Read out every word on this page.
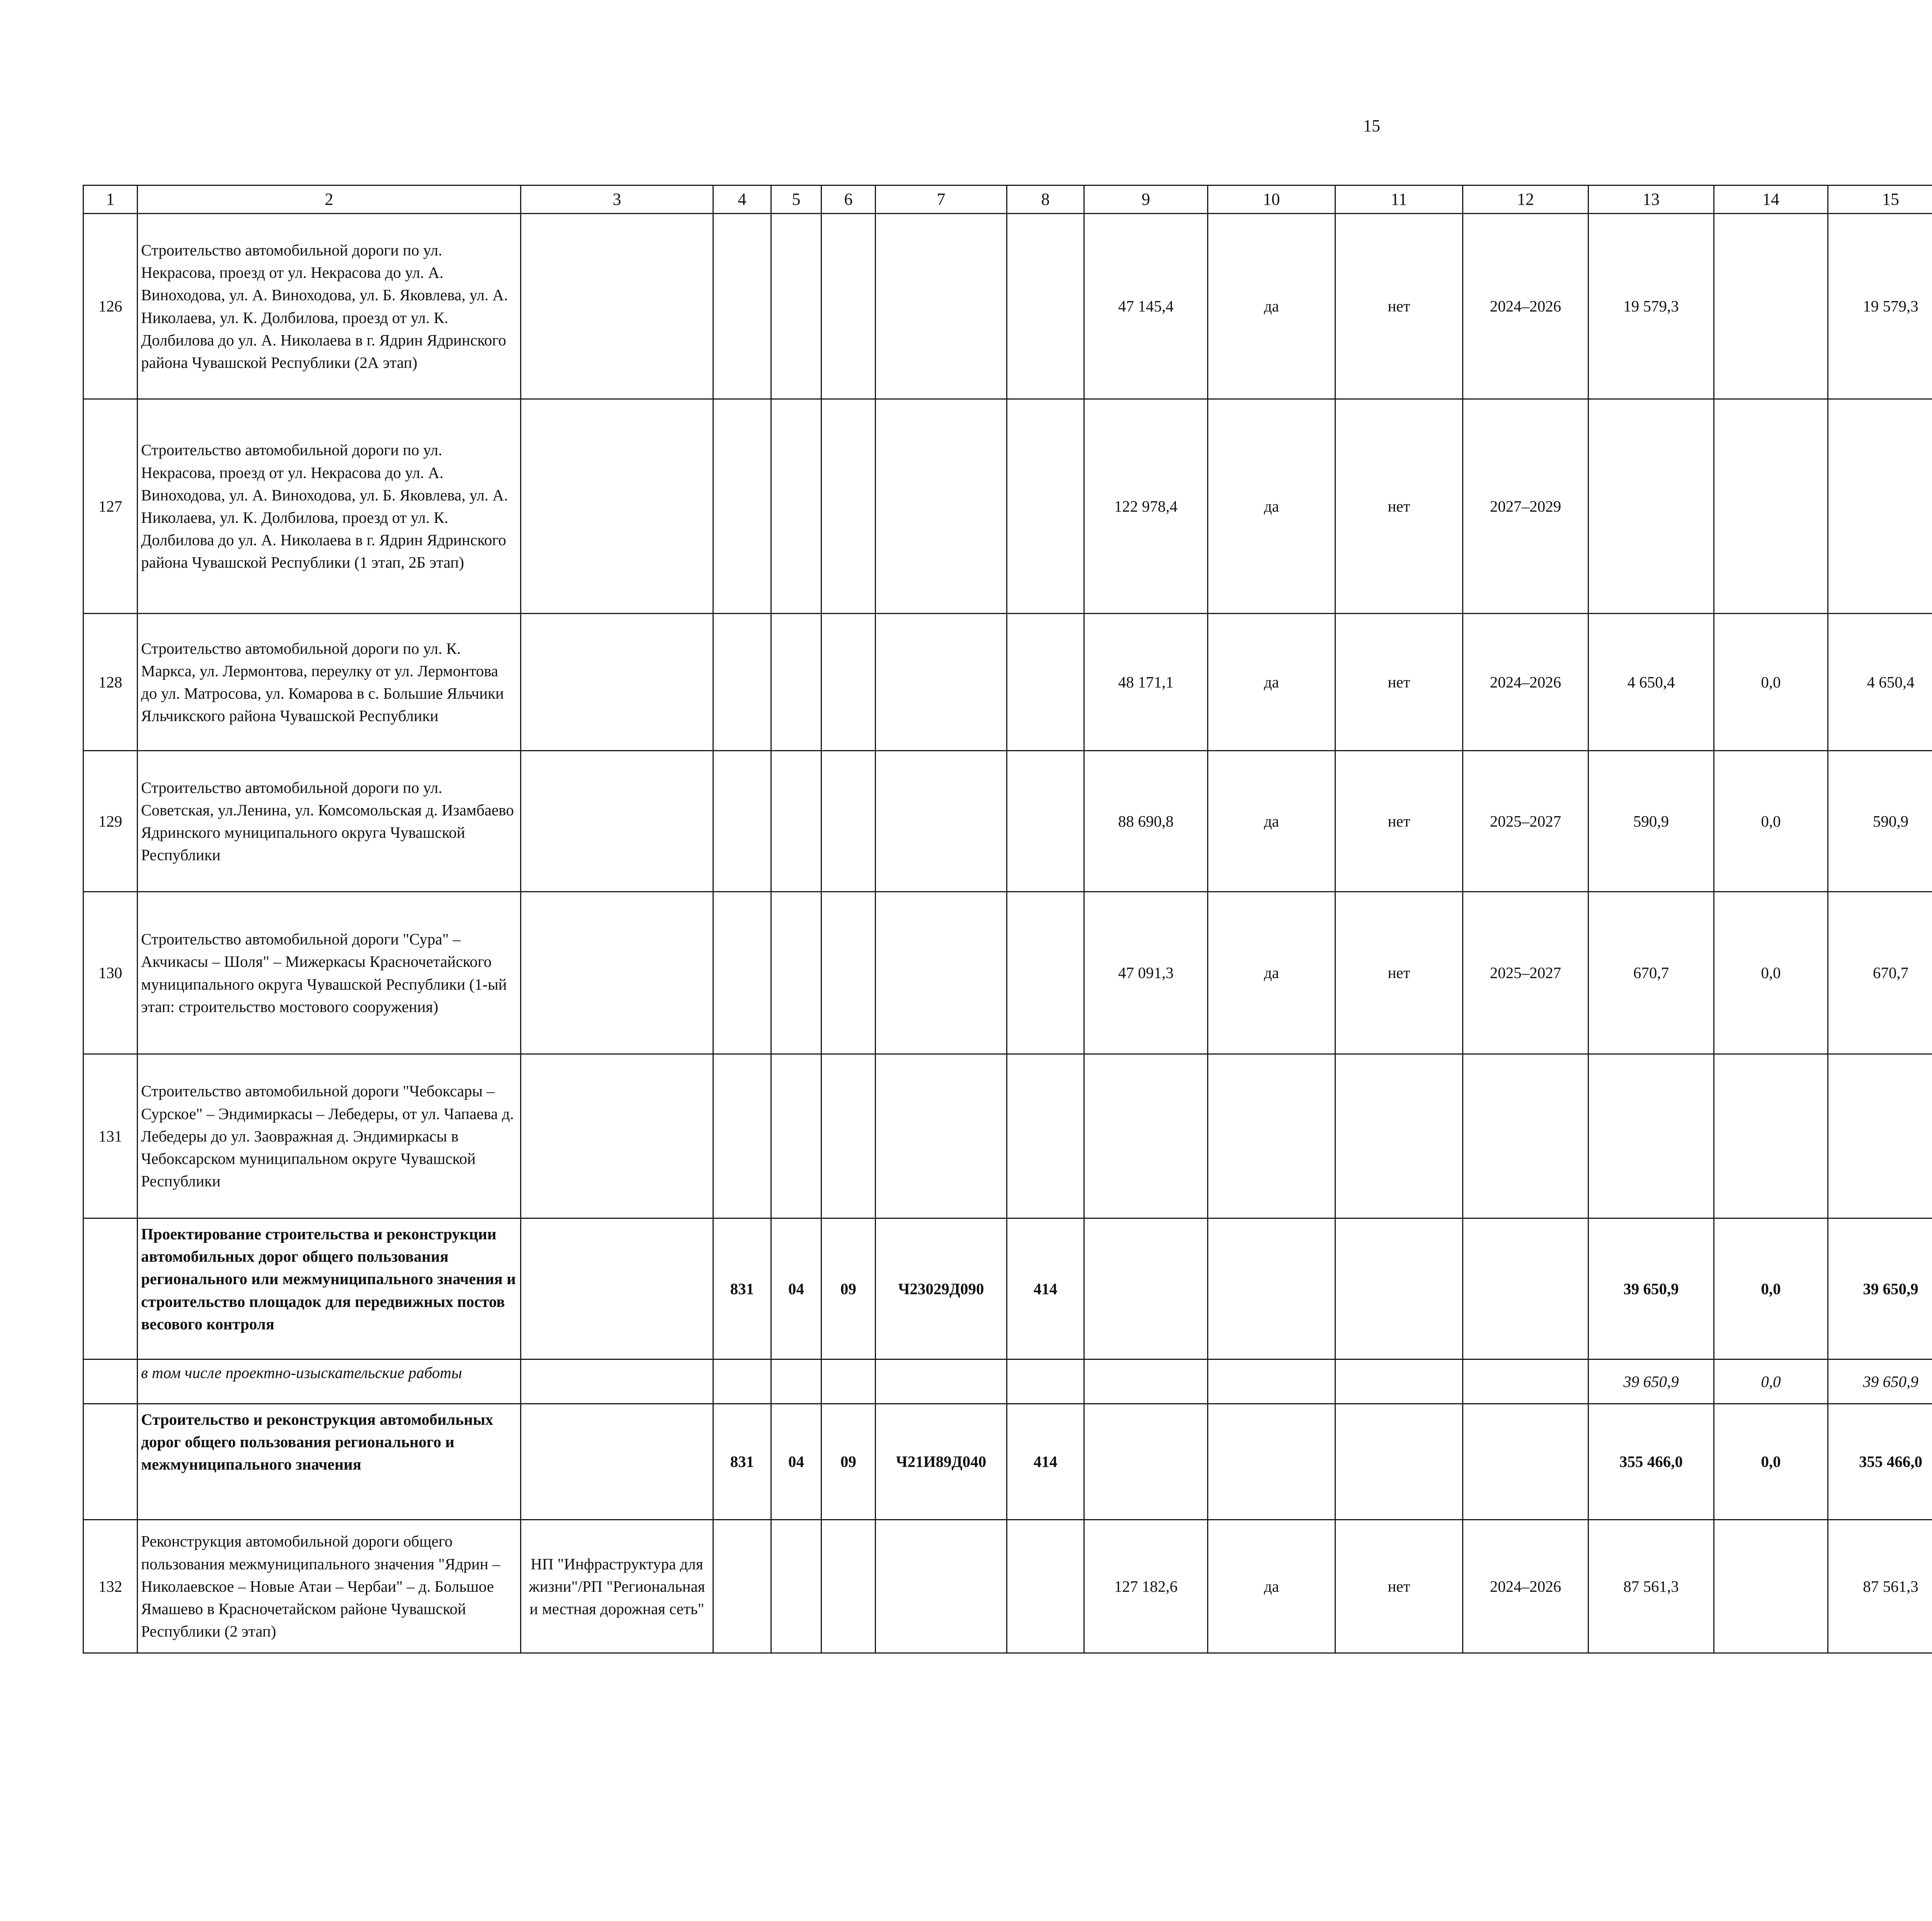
15
1	2	3	4	5	6	7	8	9	10	11	12	13	14	15						
126	Строительство автомобильной дороги по ул. Некрасова, проезд от ул. Некрасова до ул. А. Виноходова, ул. А. Виноходова, ул. Б. Яковлева, ул. А. Николаева, ул. К. Долбилова, проезд от ул. К. Долбилова до ул. А. Николаева в г. Ядрин Ядринского района Чувашской Республики (2А этап)							47 145,4	да	нет	2024–2026	19 579,3		19 579,3						
127	Строительство автомобильной дороги по ул. Некрасова, проезд от ул. Некрасова до ул. А. Виноходова, ул. А. Виноходова, ул. Б. Яковлева, ул. А. Николаева, ул. К. Долбилова, проезд от ул. К. Долбилова до ул. А. Николаева в г. Ядрин Ядринского района Чувашской Республики (1 этап, 2Б этап)							122 978,4	да	нет	2027–2029									
128	Строительство автомобильной дороги по ул. К. Маркса, ул. Лермонтова, переулку от ул. Лермонтова до ул. Матросова, ул. Комарова в с. Большие Яльчики Яльчикского района Чувашской Республики							48 171,1	да	нет	2024–2026	4 650,4	0,0	4 650,4						
129	Строительство автомобильной дороги по ул. Советская, ул.Ленина, ул. Комсомольская д. Изамбаево Ядринского муниципального округа Чувашской Республики							88 690,8	да	нет	2025–2027	590,9	0,0	590,9						
130	Строительство автомобильной дороги "Сура" – Акчикасы – Шоля" – Мижеркасы Красночетайского муниципального округа Чувашской Республики (1-ый этап: строительство мостового сооружения)							47 091,3	да	нет	2025–2027	670,7	0,0	670,7						
131	Строительство автомобильной дороги "Чебоксары – Сурское" – Эндимиркасы – Лебедеры, от ул. Чапаева д. Лебедеры до ул. Заовражная д. Эндимиркасы в Чебоксарском муниципальном округе Чувашской Республики																			
	Проектирование строительства и реконструкции автомобильных дорог общего пользования регионального или межмуниципального значения и строительство площадок для передвижных постов весового контроля		831	04	09	Ч23029Д090	414					39 650,9	0,0	39 650,9						
	в том числе проектно-изыскательские работы											39 650,9	0,0	39 650,9						
	Строительство и реконструкция автомобильных дорог общего пользования регионального и межмуниципального значения		831	04	09	Ч21И89Д040	414					355 466,0	0,0	355 466,0						
132	Реконструкция автомобильной дороги общего пользования межмуниципального значения "Ядрин – Николаевское – Новые Атаи – Чербаи" – д. Большое Ямашево в Красночетайском районе Чувашской Республики (2 этап)	НП "Инфраструктура для жизни"/РП "Региональная и местная дорожная сеть"						127 182,6	да	нет	2024–2026	87 561,3		87 561,3						
